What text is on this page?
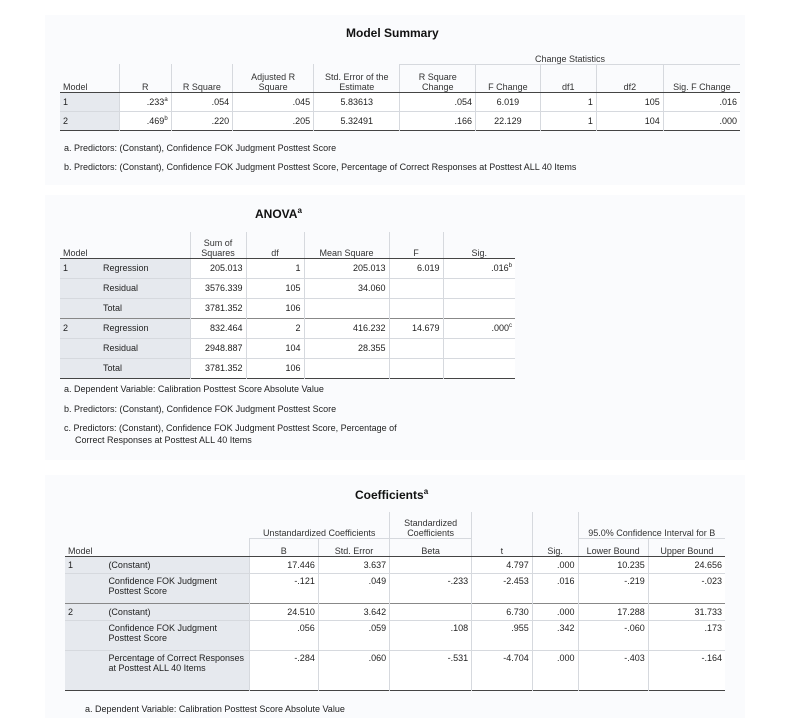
Model Summary
					Change Statistics				
Model	R	R Square	Adjusted R Square	Std. Error of the Estimate	R Square Change	F Change	df1	df2	Sig. F Change
1	.233$^a$	.054	.045	5.83613	.054	6.019	1	105	.016
2	.469$^b$	.220	.205	5.32491	.166	22.129	1	104	.000

a. Predictors: (Constant), Confidence FOK Judgment Posttest Score
b. Predictors: (Constant), Confidence FOK Judgment Posttest Score, Percentage of Correct Responses at Posttest ALL 40 Items
ANOVA$^a$
Model		Sum of Squares	df	Mean Square	F	Sig.
1	Regression	205.013	1	205.013	6.019	.016$^b$
	Residual	3576.339	105	34.060		
	Total	3781.352	106			
2	Regression	832.464	2	416.232	14.679	.000$^c$
	Residual	2948.887	104	28.355		
	Total	3781.352	106			

a. Dependent Variable: Calibration Posttest Score Absolute Value
b. Predictors: (Constant), Confidence FOK Judgment Posttest Score
c. Predictors: (Constant), Confidence FOK Judgment Posttest Score, Percentage of
Correct Responses at Posttest ALL 40 Items
Coefficients$^a$
		Unstandardized Coefficients		Standardized Coefficients			95.0% Confidence Interval for B	
Model		B	Std. Error	Beta	t	Sig.	Lower Bound	Upper Bound
1	(Constant)	17.446	3.637		4.797	.000	10.235	24.656
	Confidence FOK Judgment Posttest Score	-.121	.049	-.233	-2.453	.016	-.219	-.023
2	(Constant)	24.510	3.642		6.730	.000	17.288	31.733
	Confidence FOK Judgment Posttest Score	.056	.059	.108	.955	.342	-.060	.173
	Percentage of Correct Responses at Posttest ALL 40 Items	-.284	.060	-.531	-4.704	.000	-.403	-.164

a. Dependent Variable: Calibration Posttest Score Absolute Value
